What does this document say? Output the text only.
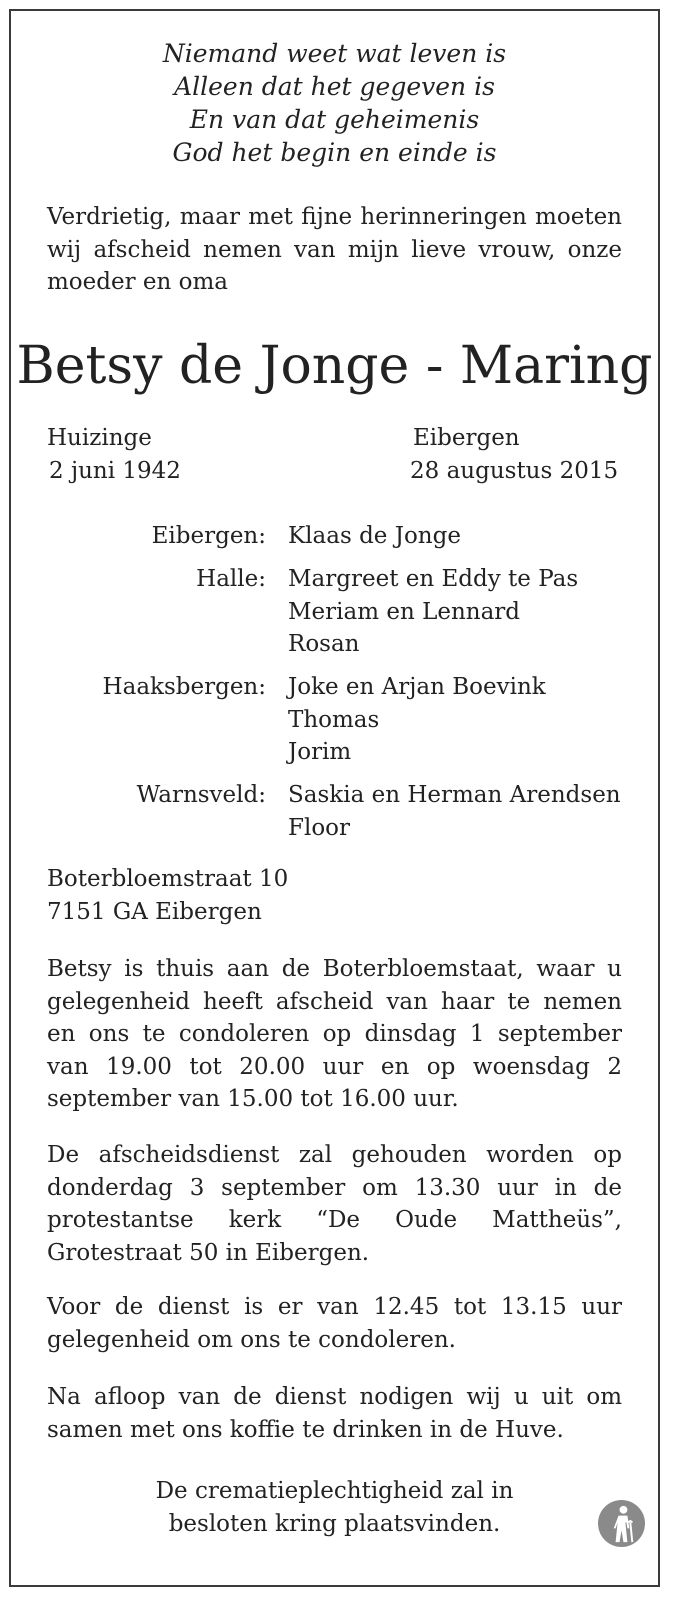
Niemand weet wat leven is
Alleen dat het gegeven is
En van dat geheimenis
God het begin en einde is
Verdrietig, maar met fijne herinneringen moeten wij afscheid nemen van mijn lieve vrouw, onze moeder en oma
Betsy de Jonge - Maring
Huizinge
2 juni 1942
Eibergen
28 augustus 2015
Eibergen: Klaas de Jonge
Halle: Margreet en Eddy te Pas
Meriam en Lennard
Rosan
Haaksbergen: Joke en Arjan Boevink
Thomas
Jorim
Warnsveld: Saskia en Herman Arendsen
Floor
Boterbloemstraat 10
7151 GA Eibergen
Betsy is thuis aan de Boterbloemstaat, waar u gelegenheid heeft afscheid van haar te nemen en ons te condoleren op dinsdag 1 september van 19.00 tot 20.00 uur en op woensdag 2 september van 15.00 tot 16.00 uur.
De afscheidsdienst zal gehouden worden op donderdag 3 september om 13.30 uur in de protestantse kerk “De Oude Mattheüs”, Grotestraat 50 in Eibergen.
Voor de dienst is er van 12.45 tot 13.15 uur gelegenheid om ons te condoleren.
Na afloop van de dienst nodigen wij u uit om samen met ons koffie te drinken in de Huve.
De crematieplechtigheid zal in
besloten kring plaatsvinden.
